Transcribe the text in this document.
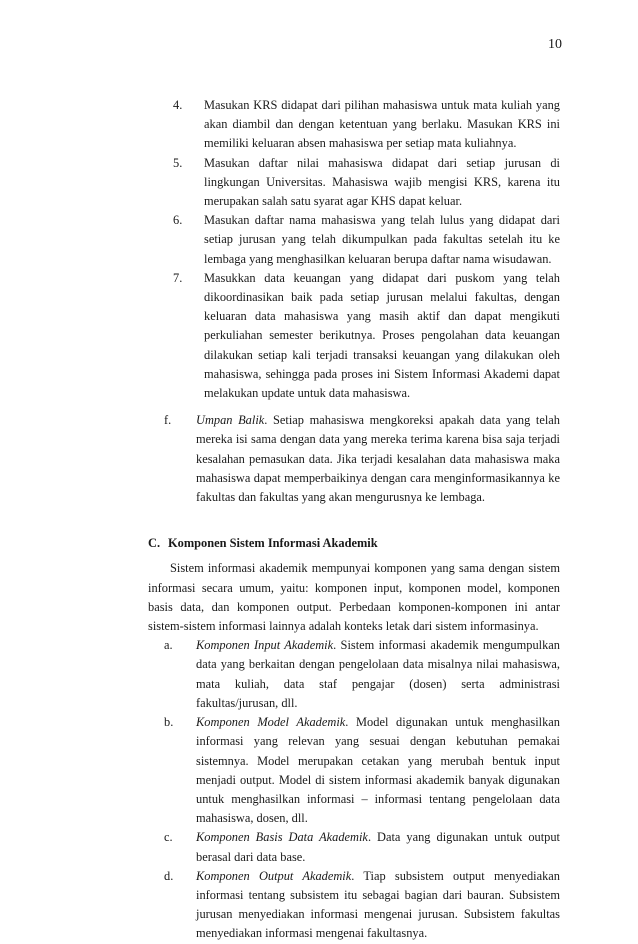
10
4.	Masukan KRS didapat dari pilihan mahasiswa untuk mata kuliah yang akan diambil dan dengan ketentuan yang berlaku. Masukan KRS ini memiliki keluaran absen mahasiswa per setiap mata kuliahnya.
5.	Masukan daftar nilai mahasiswa didapat dari setiap jurusan di lingkungan Universitas. Mahasiswa wajib mengisi KRS, karena itu merupakan salah satu syarat agar KHS dapat keluar.
6.	Masukan daftar nama mahasiswa yang telah lulus yang didapat dari setiap jurusan yang telah dikumpulkan pada fakultas setelah itu ke lembaga yang menghasilkan keluaran berupa daftar nama wisudawan.
7.	Masukkan data keuangan yang didapat dari puskom yang telah dikoordinasikan baik pada setiap jurusan melalui fakultas, dengan keluaran data mahasiswa yang masih aktif dan dapat mengikuti perkuliahan semester berikutnya. Proses pengolahan data keuangan dilakukan setiap kali terjadi transaksi keuangan yang dilakukan oleh mahasiswa, sehingga pada proses ini Sistem Informasi Akademi dapat melakukan update untuk data mahasiswa.
f.	Umpan Balik. Setiap mahasiswa mengkoreksi apakah data yang telah mereka isi sama dengan data yang mereka terima karena bisa saja terjadi kesalahan pemasukan data. Jika terjadi kesalahan data mahasiswa maka mahasiswa dapat memperbaikinya dengan cara menginformasikannya ke fakultas dan fakultas yang akan mengurusnya ke lembaga.
C. Komponen Sistem Informasi Akademik

Sistem informasi akademik mempunyai komponen yang sama dengan sistem informasi secara umum, yaitu: komponen input, komponen model, komponen basis data, dan komponen output. Perbedaan komponen-komponen ini antar sistem-sistem informasi lainnya adalah konteks letak dari sistem informasinya.

a.	Komponen Input Akademik. Sistem informasi akademik mengumpulkan data yang berkaitan dengan pengelolaan data misalnya nilai mahasiswa, mata kuliah, data staf pengajar (dosen) serta administrasi fakultas/jurusan, dll.
b.	Komponen Model Akademik. Model digunakan untuk menghasilkan informasi yang relevan yang sesuai dengan kebutuhan pemakai sistemnya. Model merupakan cetakan yang merubah bentuk input menjadi output. Model di sistem informasi akademik banyak digunakan untuk menghasilkan informasi – informasi tentang pengelolaan data mahasiswa, dosen, dll.
c.	Komponen Basis Data Akademik. Data yang digunakan untuk output berasal dari data base.
d.	Komponen Output Akademik. Tiap subsistem output menyediakan informasi tentang subsistem itu sebagai bagian dari bauran. Subsistem jurusan menyediakan informasi mengenai jurusan. Subsistem fakultas menyediakan informasi mengenai fakultasnya.
